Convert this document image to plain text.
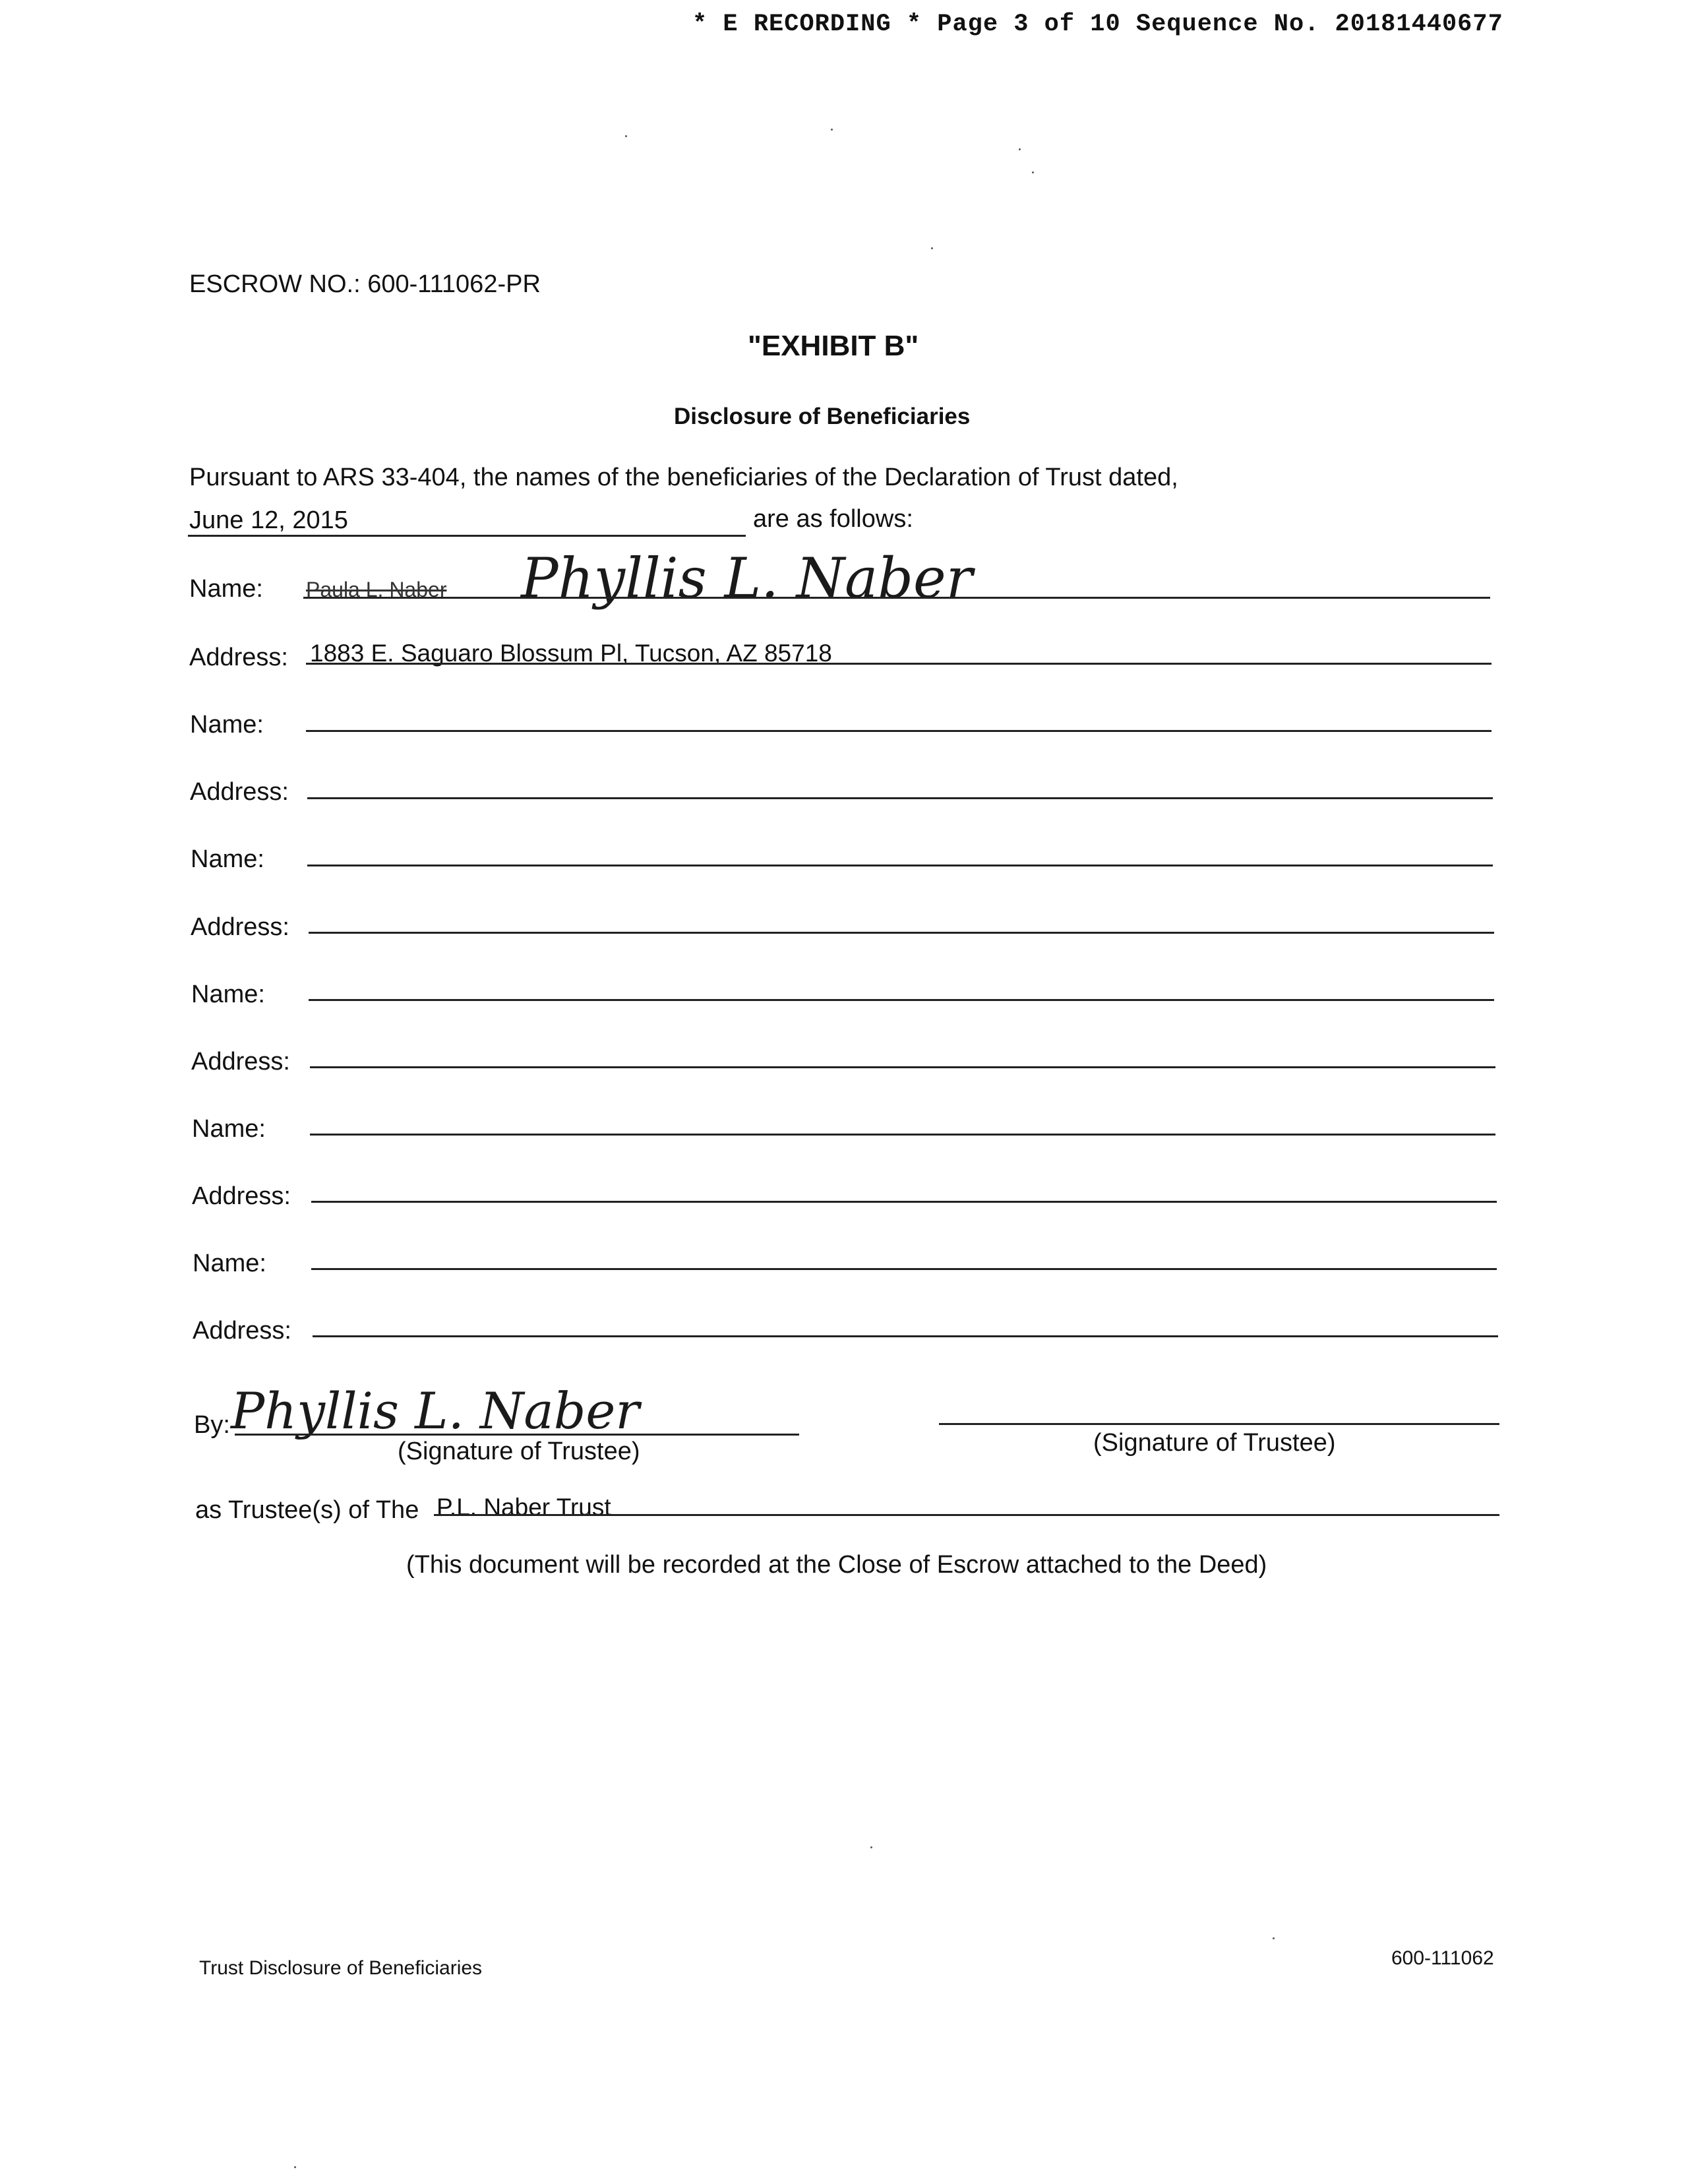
* E RECORDING * Page 3 of 10 Sequence No. 20181440677
ESCROW NO.: 600-111062-PR
"EXHIBIT B"
Disclosure of Beneficiaries
Pursuant to ARS 33-404, the names of the beneficiaries of the Declaration of Trust dated,
June 12, 2015	are as follows:
Name: Paula L. Naber Phyllis L. Naber
Address: 1883 E. Saguaro Blossum Pl, Tucson, AZ 85718
Name:
Address:
Name:
Address:
Name:
Address:
Name:
Address:
Name:
Address:
By: Phyllis L. Naber
(Signature of Trustee)	(Signature of Trustee)
as Trustee(s) of The P.L. Naber Trust
(This document will be recorded at the Close of Escrow attached to the Deed)
Trust Disclosure of Beneficiaries	600-111062
